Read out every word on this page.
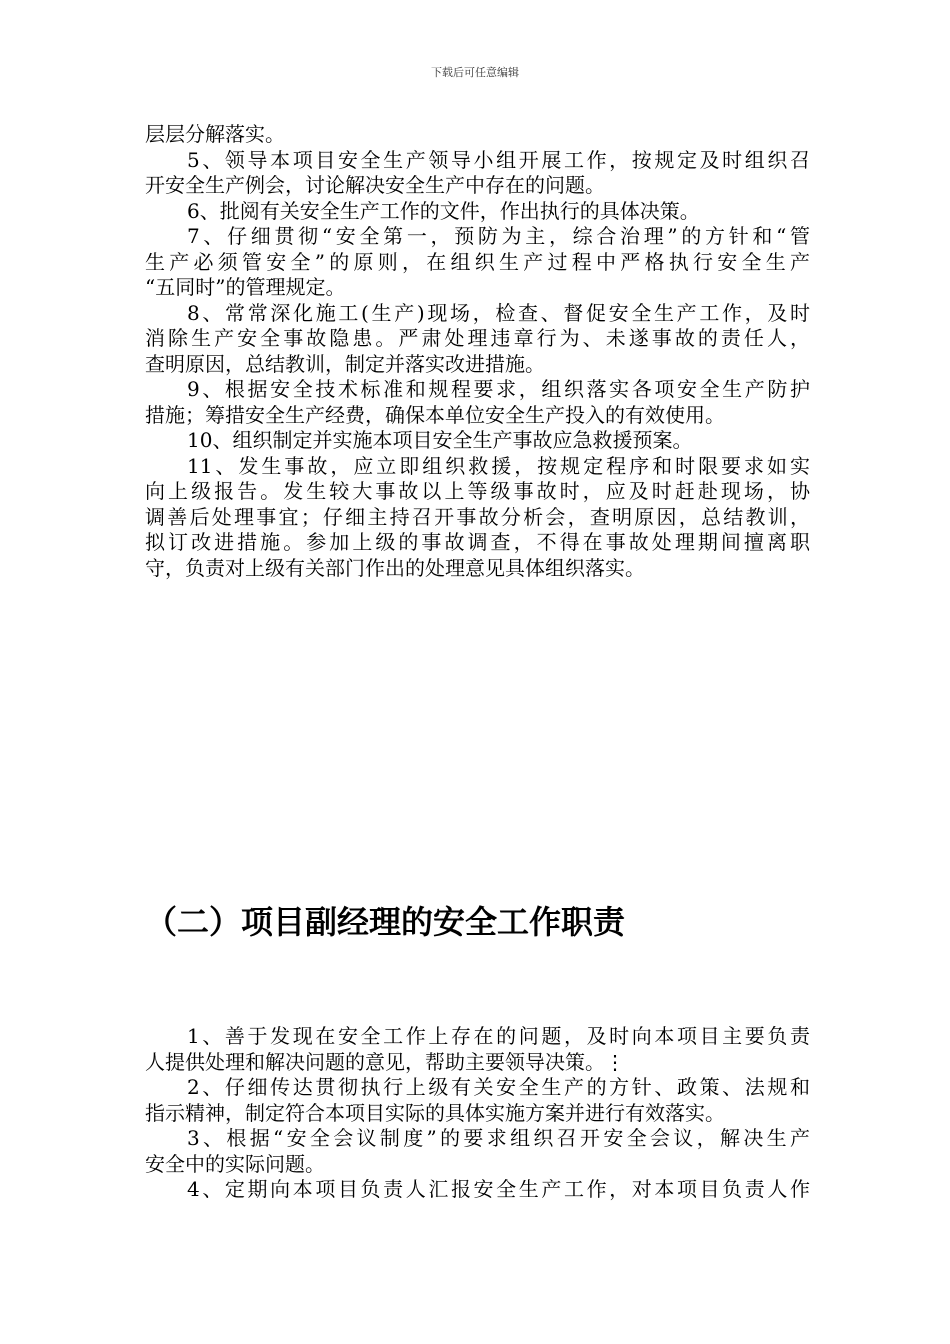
下载后可任意编辑
层层分解落实。
5、领导本项目安全生产领导小组开展工作，按规定及时组织召
开安全生产例会，讨论解决安全生产中存在的问题。
6、批阅有关安全生产工作的文件，作出执行的具体决策。
7、仔细贯彻“安全第一，预防为主，综合治理”的方针和“管
生产必须管安全”的原则，在组织生产过程中严格执行安全生产
“五同时”的管理规定。
8、常常深化施工(生产)现场，检查、督促安全生产工作，及时
消除生产安全事故隐患。严肃处理违章行为、未遂事故的责任人，
查明原因，总结教训，制定并落实改进措施。
9、根据安全技术标准和规程要求，组织落实各项安全生产防护
措施；筹措安全生产经费，确保本单位安全生产投入的有效使用。
10、组织制定并实施本项目安全生产事故应急救援预案。
11、发生事故，应立即组织救援，按规定程序和时限要求如实
向上级报告。发生较大事故以上等级事故时，应及时赶赴现场，协
调善后处理事宜；仔细主持召开事故分析会，查明原因，总结教训，
拟订改进措施。参加上级的事故调查，不得在事故处理期间擅离职
守，负责对上级有关部门作出的处理意见具体组织落实。
（二）项目副经理的安全工作职责
1、善于发现在安全工作上存在的问题，及时向本项目主要负责
人提供处理和解决问题的意见，帮助主要领导决策。⋮
2、仔细传达贯彻执行上级有关安全生产的方针、政策、法规和
指示精神，制定符合本项目实际的具体实施方案并进行有效落实。
3、根据“安全会议制度”的要求组织召开安全会议，解决生产
安全中的实际问题。
4、定期向本项目负责人汇报安全生产工作，对本项目负责人作
